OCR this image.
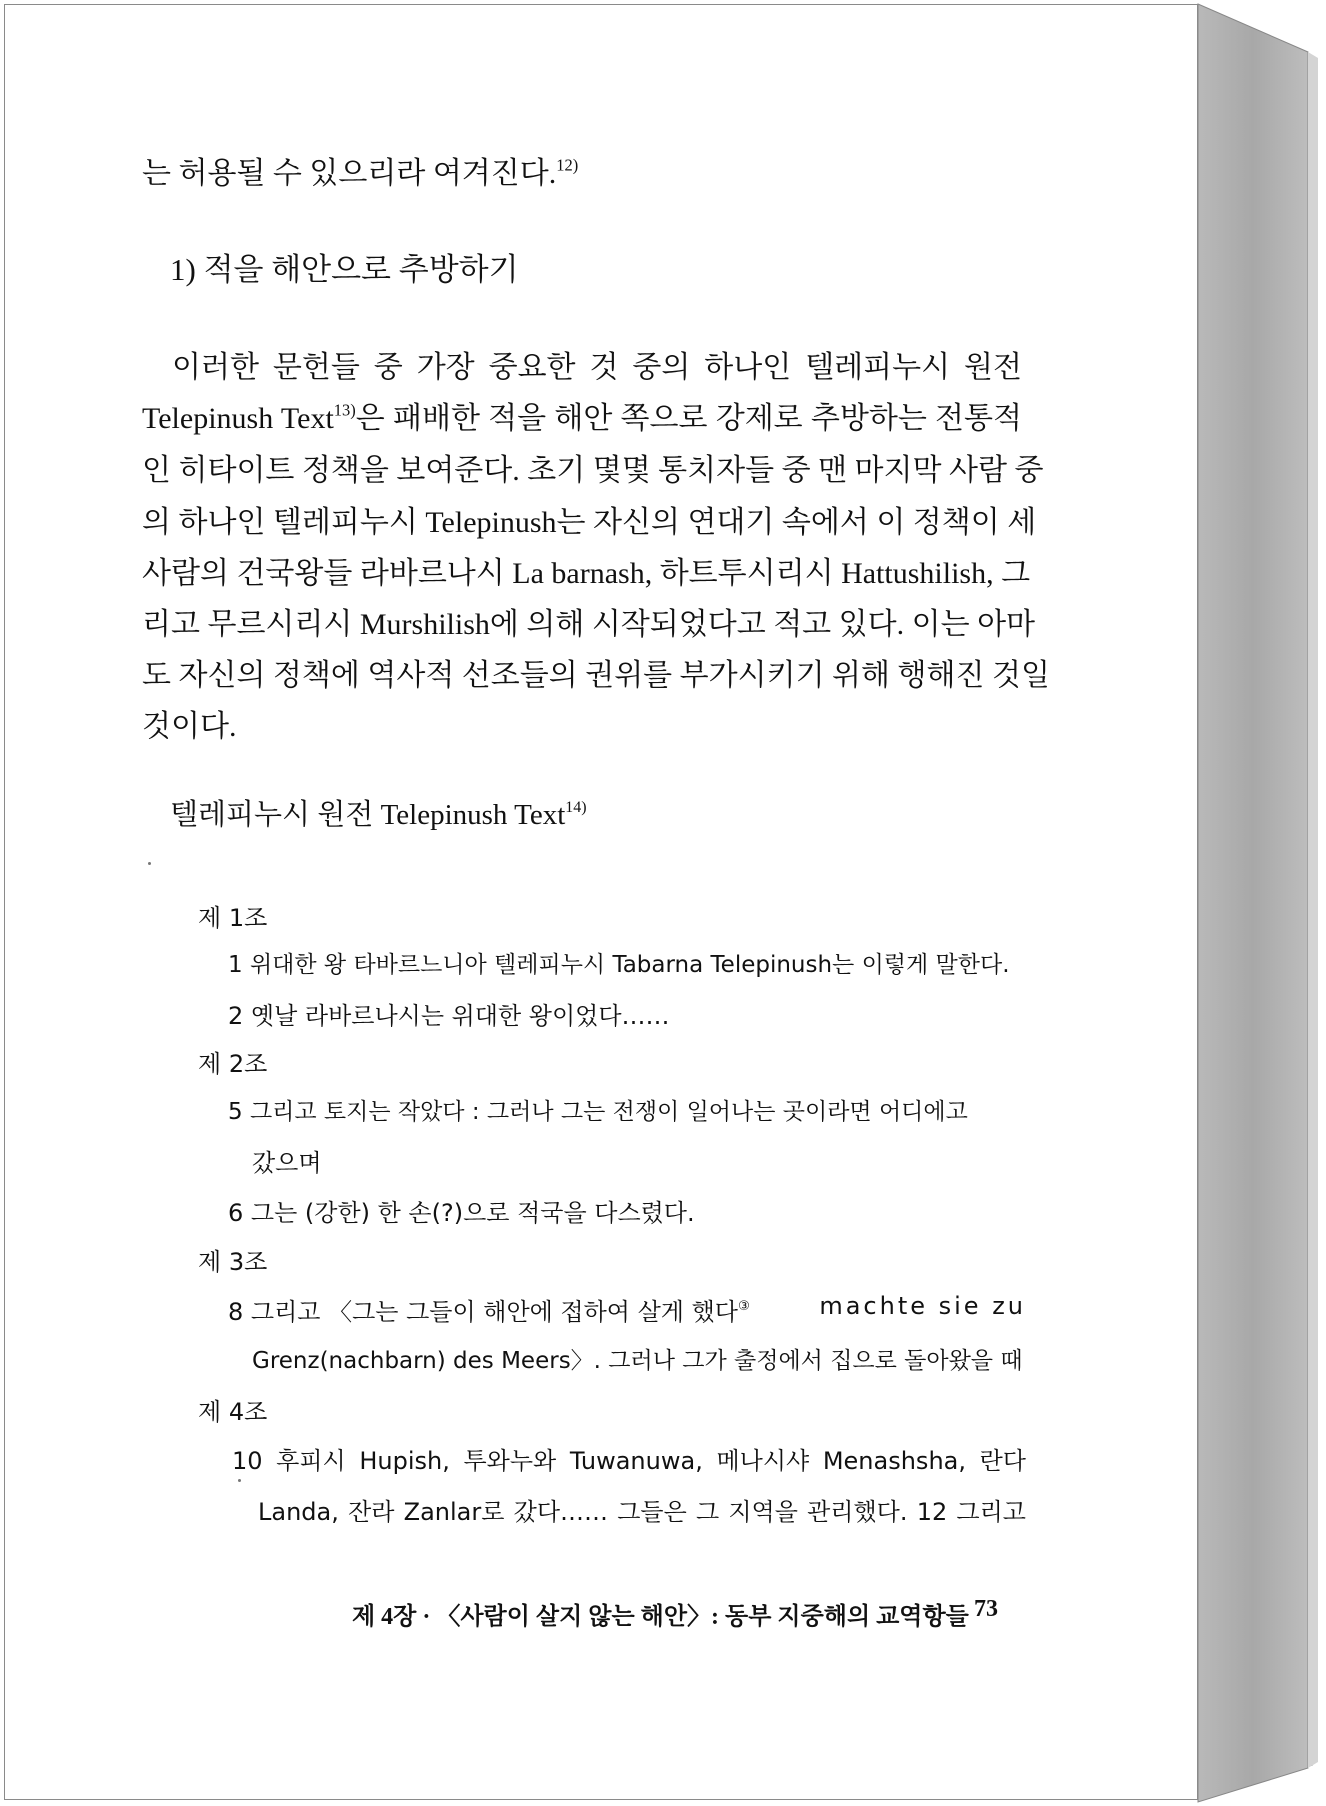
는 허용될 수 있으리라 여겨진다.$^{12)}$
1) 적을 해안으로 추방하기
이러한 문헌들 중 가장 중요한 것 중의 하나인 텔레피누시 원전
Telepinush Text$^{13)}$은 패배한 적을 해안 쪽으로 강제로 추방하는 전통적
인 히타이트 정책을 보여준다. 초기 몇몇 통치자들 중 맨 마지막 사람 중
의 하나인 텔레피누시 Telepinush는 자신의 연대기 속에서 이 정책이 세
사람의 건국왕들 라바르나시 La barnash, 하트투시리시 Hattushilish, 그
리고 무르시리시 Murshilish에 의해 시작되었다고 적고 있다. 이는 아마
도 자신의 정책에 역사적 선조들의 권위를 부가시키기 위해 행해진 것일
것이다.
텔레피누시 원전 Telepinush Text$^{14)}$
제 1조
1 위대한 왕 타바르느니아 텔레피누시 Tabarna Telepinush는 이렇게 말한다.
2 옛날 라바르나시는 위대한 왕이었다……
제 2조
5 그리고 토지는 작았다 : 그러나 그는 전쟁이 일어나는 곳이라면 어디에고
갔으며
6 그는 (강한) 한 손(?)으로 적국을 다스렸다.
제 3조
8 그리고 〈그는 그들이 해안에 접하여 살게 했다③	machte sie zu
Grenz(nachbarn) des Meers〉. 그러나 그가 출정에서 집으로 돌아왔을 때
제 4조
10 후피시 Hupish, 투와누와 Tuwanuwa, 메나시샤 Menashsha, 란다
Landa, 잔라 Zanlar로 갔다…… 그들은 그 지역을 관리했다. 12 그리고
제 4장 · 〈사람이 살지 않는 해안〉: 동부 지중해의 교역항들 73
